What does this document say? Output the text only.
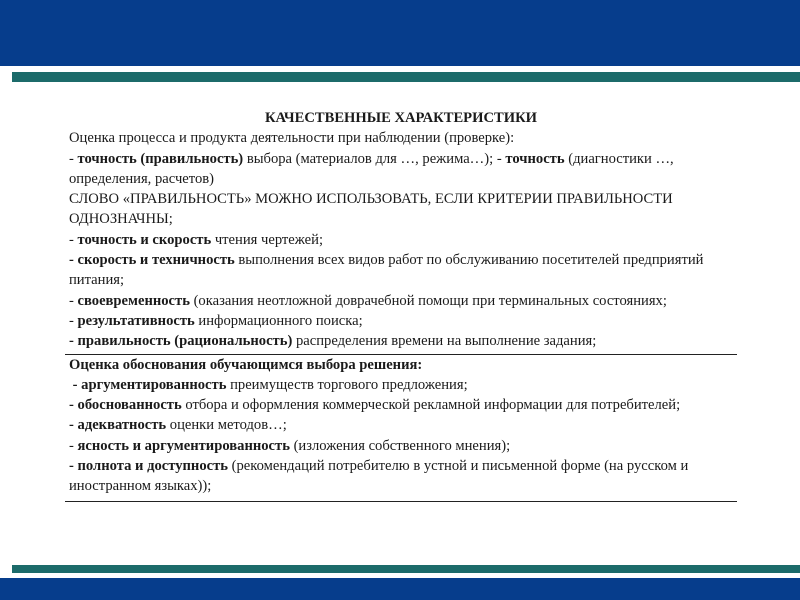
КАЧЕСТВЕННЫЕ ХАРАКТЕРИСТИКИ
Оценка процесса и продукта деятельности при наблюдении (проверке):
- точность (правильность) выбора (материалов для …, режима…); - точность (диагностики …, определения, расчетов)
СЛОВО «ПРАВИЛЬНОСТЬ» МОЖНО ИСПОЛЬЗОВАТЬ, ЕСЛИ КРИТЕРИИ ПРАВИЛЬНОСТИ ОДНОЗНАЧНЫ;
- точность и скорость чтения чертежей;
- скорость и техничность выполнения всех видов работ по обслуживанию посетителей предприятий питания;
- своевременность (оказания неотложной доврачебной помощи при терминальных состояниях;
- результативность информационного поиска;
- правильность (рациональность) распределения времени на выполнение задания;
Оценка обоснования обучающимся выбора решения:
- аргументированность преимуществ торгового предложения;
- обоснованность отбора и оформления коммерческой рекламной информации для потребителей;
- адекватность оценки методов…;
- ясность и аргументированность (изложения собственного мнения);
- полнота и доступность (рекомендаций потребителю в устной и письменной форме (на русском и иностранном языках));
